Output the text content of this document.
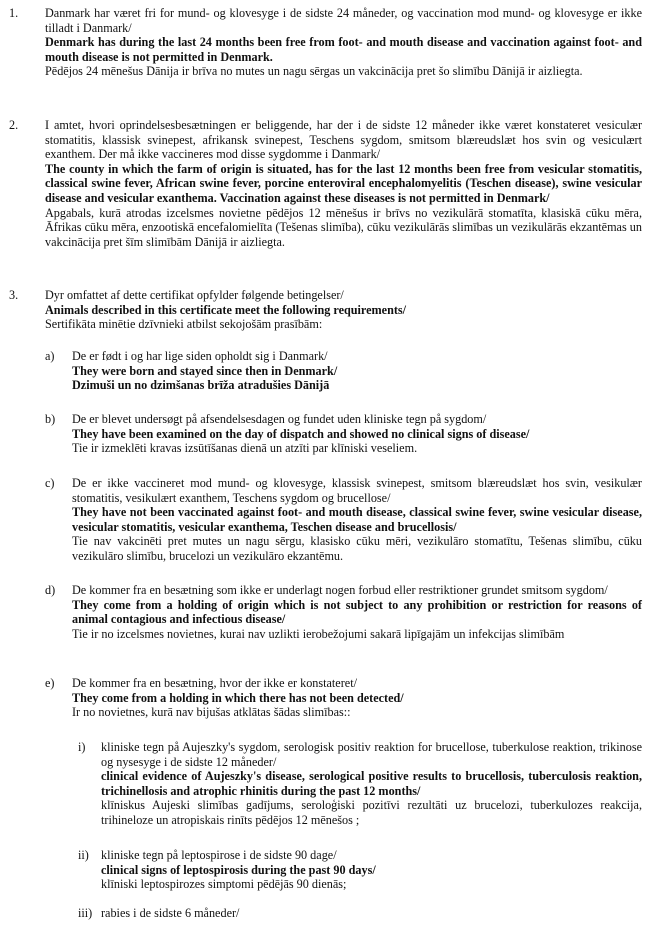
1. Danmark har været fri for mund- og klovesyge i de sidste 24 måneder, og vaccination mod mund- og klovesyge er ikke tilladt i Danmark/

Denmark has during the last 24 months been free from foot- and mouth disease and vaccination against foot- and mouth disease is not permitted in Denmark.

Pēdējos 24 mēnešus Dānija ir brīva no mutes un nagu sērgas un vakcinācija pret šo slimību Dānijā ir aizliegta.

2. I amtet, hvori oprindelsesbesætningen er beliggende, har der i de sidste 12 måneder ikke været konstateret vesiculær stomatitis, klassisk svinepest, afrikansk svinepest, Teschens sygdom, smitsom blæreudslæt hos svin og vesiculært exanthem. Der må ikke vaccineres mod disse sygdomme i Danmark/

The county in which the farm of origin is situated, has for the last 12 months been free from vesicular stomatitis, classical swine fever, African swine fever, porcine enteroviral encephalomyelitis (Teschen disease), swine vesicular disease and vesicular exanthema. Vaccination against these diseases is not permitted in Denmark/

Apgabals, kurā atrodas izcelsmes novietne pēdējos 12 mēnešus ir brīvs no vezikulārā stomatīta, klasiskā cūku mēra, Āfrikas cūku mēra, enzootiskā encefalomielīta (Tešenas slimība), cūku vezikulārās slimības un vezikulārās ekzantēmas un vakcinācija pret šīm slimībām Dānijā ir aizliegta.

3. Dyr omfattet af dette certifikat opfylder følgende betingelser/

Animals described in this certificate meet the following requirements/

Sertifikāta minētie dzīvnieki atbilst sekojošām prasībām:

a) De er født i og har lige siden opholdt sig i Danmark/

They were born and stayed since then in Denmark/

Dzimuši un no dzimšanas brīža atradušies Dānijā

b) De er blevet undersøgt på afsendelsesdagen og fundet uden kliniske tegn på sygdom/

They have been examined on the day of dispatch and showed no clinical signs of disease/

Tie ir izmeklēti kravas izsūtīšanas dienā un atzīti par klīniski veseliem.

c) De er ikke vaccineret mod mund- og klovesyge, klassisk svinepest, smitsom blæreudslæt hos svin, vesikulær stomatitis, vesikulært exanthem, Teschens sygdom og brucellose/

They have not been vaccinated against foot- and mouth disease, classical swine fever, swine vesicular disease, vesicular stomatitis, vesicular exanthema, Teschen disease and brucellosis/

Tie nav vakcinēti pret mutes un nagu sērgu, klasisko cūku mēri, vezikulāro stomatītu, Tešenas slimību, cūku vezikulāro slimību, brucelozi un vezikulāro ekzantēmu.

d) De kommer fra en besætning som ikke er underlagt nogen forbud eller restriktioner grundet smitsom sygdom/

They come from a holding of origin which is not subject to any prohibition or restriction for reasons of animal contagious and infectious disease/

Tie ir no izcelsmes novietnes, kurai nav uzlikti ierobežojumi sakarā lipīgajām un infekcijas slimībām

e) De kommer fra en besætning, hvor der ikke er konstateret/

They come from a holding in which there has not been detected/

Ir no novietnes, kurā nav bijušas atklātas šādas slimības::

i) kliniske tegn på Aujeszky's sygdom, serologisk positiv reaktion for brucellose, tuberkulose reaktion, trikinose og nysesyge i de sidste 12 måneder/

clinical evidence of Aujeszky's disease, serological positive results to brucellosis, tuberculosis reaktion, trichinellosis and atrophic rhinitis during the past 12 months/

klīniskus Aujeski slimības gadījums, seroloģiski pozitīvi rezultāti uz brucelozi, tuberkulozes reakcija, trihineloze un atropiskais rinīts pēdējos 12 mēnešos ;

ii) kliniske tegn på leptospirose i de sidste 90 dage/

clinical signs of leptospirosis during the past 90 days/

klīniski leptospirozes simptomi pēdējās 90 dienās;

iii) rabies i de sidste 6 måneder/
